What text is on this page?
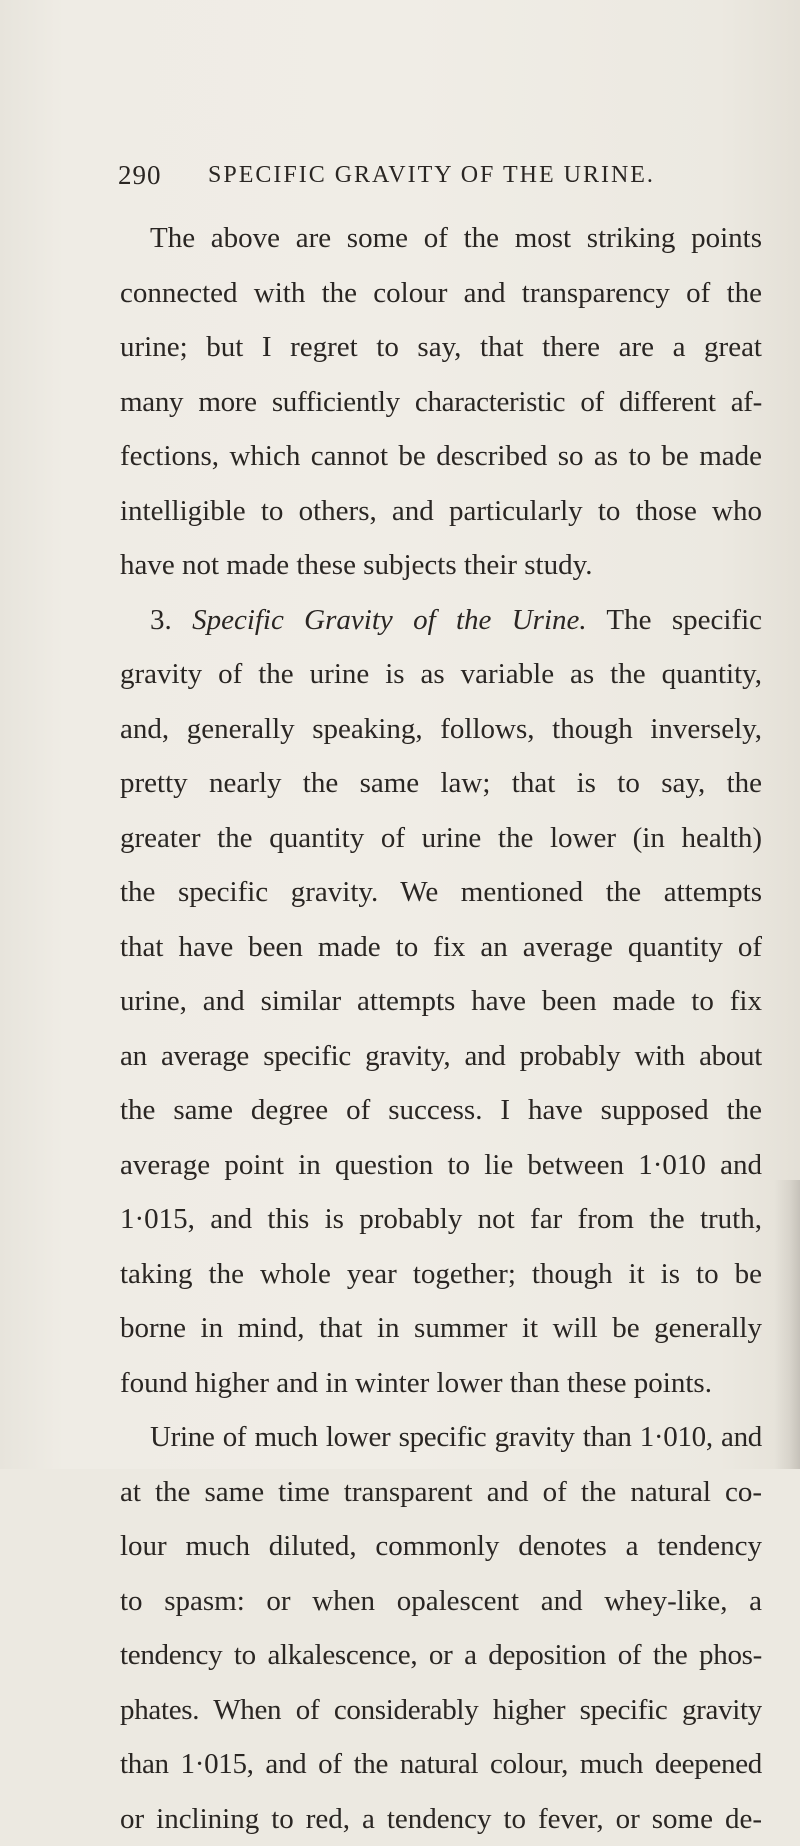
290 SPECIFIC GRAVITY OF THE URINE.
The above are some of the most striking points
connected with the colour and transparency of the
urine; but I regret to say, that there are a great
many more sufficiently characteristic of different af-
fections, which cannot be described so as to be made
intelligible to others, and particularly to those who
have not made these subjects their study.
3. Specific Gravity of the Urine. The specific
gravity of the urine is as variable as the quantity,
and, generally speaking, follows, though inversely,
pretty nearly the same law; that is to say, the
greater the quantity of urine the lower (in health)
the specific gravity. We mentioned the attempts
that have been made to fix an average quantity of
urine, and similar attempts have been made to fix
an average specific gravity, and probably with about
the same degree of success. I have supposed the
average point in question to lie between 1·010 and
1·015, and this is probably not far from the truth,
taking the whole year together; though it is to be
borne in mind, that in summer it will be generally
found higher and in winter lower than these points.
Urine of much lower specific gravity than 1·010, and
at the same time transparent and of the natural co-
lour much diluted, commonly denotes a tendency
to spasm: or when opalescent and whey-like, a
tendency to alkalescence, or a deposition of the phos-
phates. When of considerably higher specific gravity
than 1·015, and of the natural colour, much deepened
or inclining to red, a tendency to fever, or some de-
